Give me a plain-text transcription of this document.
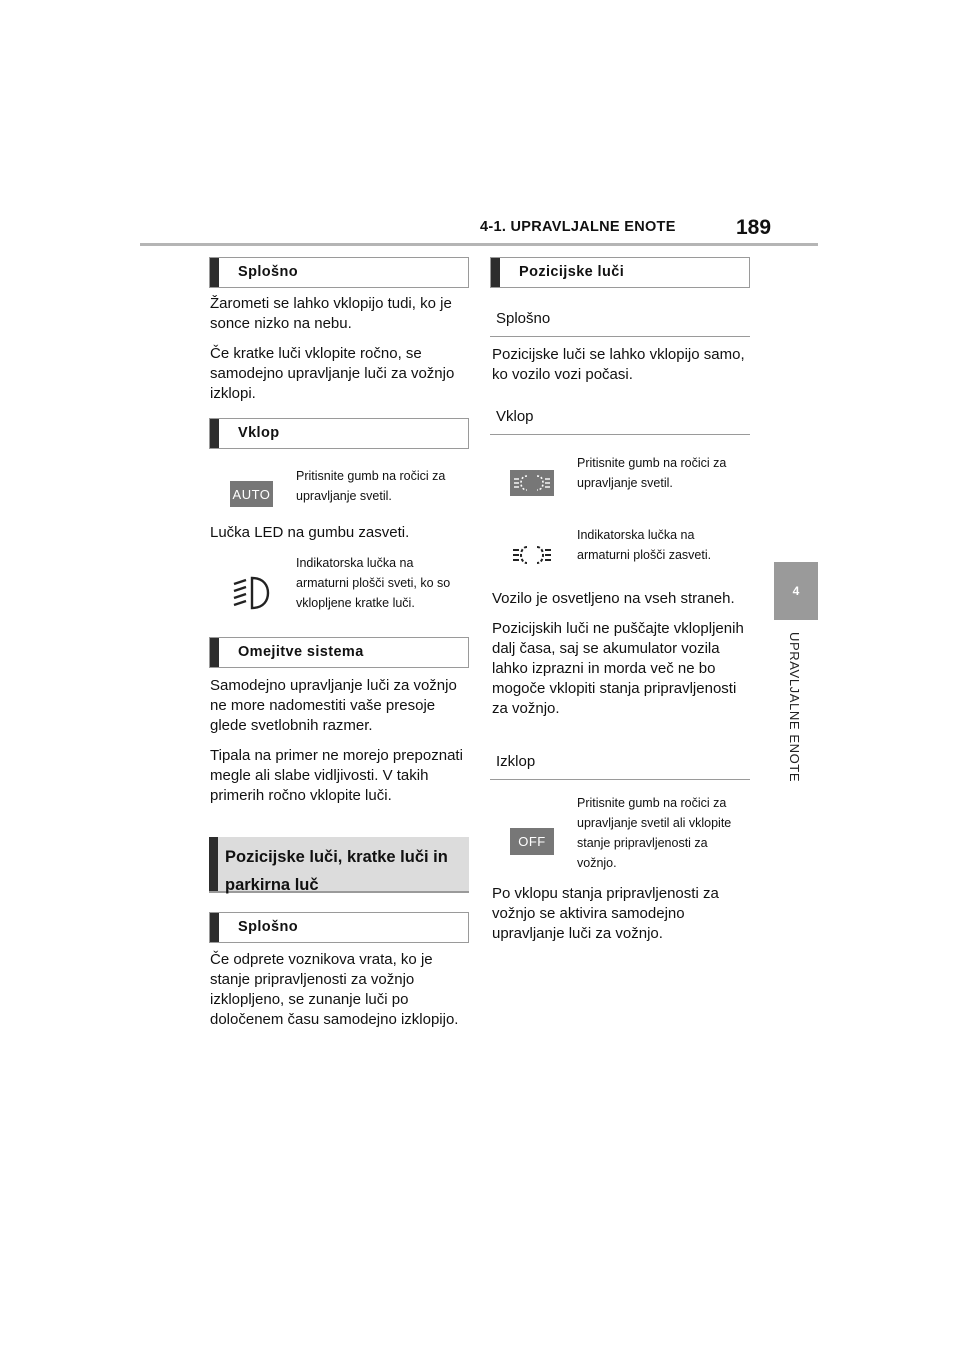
4-1. UPRAVLJALNE ENOTE	189
4
UPRAVLJALNE ENOTE
Splošno

Žarometi se lahko vklopijo tudi, ko je sonce nizko na nebu.

Če kratke luči vklopite ročno, se samodejno upravljanje luči za vožnjo izklopi.

Vklop
AUTO
Pritisnite gumb na ročici za upravljanje svetil.

Lučka LED na gumbu zasveti.

Indikatorska lučka na armaturni plošči sveti, ko so vklopljene kratke luči.
Omejitve sistema

Samodejno upravljanje luči za vožnjo ne more nadomestiti vaše presoje glede svetlobnih razmer.

Tipala na primer ne morejo prepoznati megle ali slabe vidljivosti. V takih primerih ročno vklopite luči.

Pozicijske luči, kratke luči in
parkirna luč
Splošno

Če odprete voznikova vrata, ko je stanje pripravljenosti za vožnjo izklopljeno, se zunanje luči po določenem času samodejno izklopijo.

Pozicijske luči
Splošno

Pozicijske luči se lahko vklopijo samo, ko vozilo vozi počasi.

Vklop
Pritisnite gumb na ročici za upravljanje svetil.
Indikatorska lučka na armaturni plošči zasveti.

Vozilo je osvetljeno na vseh straneh.

Pozicijskih luči ne puščajte vklopljenih dalj časa, saj se akumulator vozila lahko izprazni in morda več ne bo mogoče vklopiti stanja pripravljenosti za vožnjo.

Izklop
OFF
Pritisnite gumb na ročici za upravljanje svetil ali vklopite stanje pripravljenosti za vožnjo.

Po vklopu stanja pripravljenosti za vožnjo se aktivira samodejno upravljanje luči za vožnjo.
